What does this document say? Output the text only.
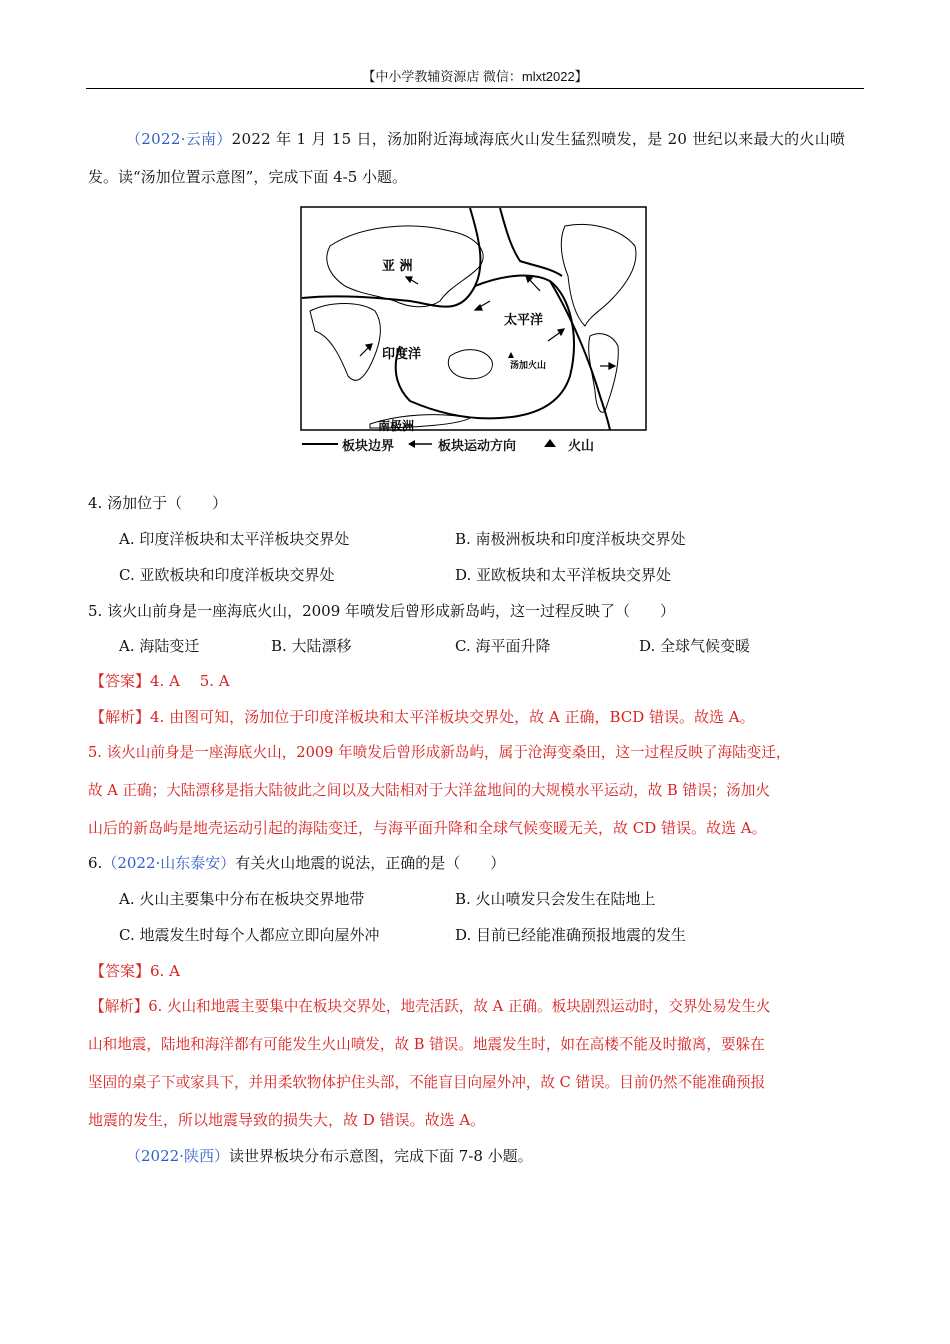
【中小学教辅资源店 微信：mlxt2022】
（2022·云南）2022 年 1 月 15 日，汤加附近海域海底火山发生猛烈喷发，是 20 世纪以来最大的火山喷
发。读“汤加位置示意图”，完成下面 4-5 小题。
亚 洲
太平洋
印度洋
汤加火山
南极洲
板块边界	板块运动方向	火山
4. 汤加位于（　　）
A. 印度洋板块和太平洋板块交界处	B. 南极洲板块和印度洋板块交界处
C. 亚欧板块和印度洋板块交界处	D. 亚欧板块和太平洋板块交界处
5. 该火山前身是一座海底火山，2009 年喷发后曾形成新岛屿，这一过程反映了（　　）
A. 海陆变迁	B. 大陆漂移	C. 海平面升降	D. 全球气候变暖
【答案】4. A　 5. A
【解析】4. 由图可知，汤加位于印度洋板块和太平洋板块交界处，故 A 正确，BCD 错误。故选 A。
5. 该火山前身是一座海底火山，2009 年喷发后曾形成新岛屿，属于沧海变桑田，这一过程反映了海陆变迁，
故 A 正确；大陆漂移是指大陆彼此之间以及大陆相对于大洋盆地间的大规模水平运动，故 B 错误；汤加火
山后的新岛屿是地壳运动引起的海陆变迁，与海平面升降和全球气候变暖无关，故 CD 错误。故选 A。
6.（2022·山东泰安）有关火山地震的说法，正确的是（　　）
A. 火山主要集中分布在板块交界地带	B. 火山喷发只会发生在陆地上
C. 地震发生时每个人都应立即向屋外冲	D. 目前已经能准确预报地震的发生
【答案】6. A
【解析】6. 火山和地震主要集中在板块交界处，地壳活跃，故 A 正确。板块剧烈运动时，交界处易发生火
山和地震，陆地和海洋都有可能发生火山喷发，故 B 错误。地震发生时，如在高楼不能及时撤离，要躲在
坚固的桌子下或家具下，并用柔软物体护住头部，不能盲目向屋外冲，故 C 错误。目前仍然不能准确预报
地震的发生，所以地震导致的损失大，故 D 错误。故选 A。
（2022·陕西）读世界板块分布示意图，完成下面 7-8 小题。
